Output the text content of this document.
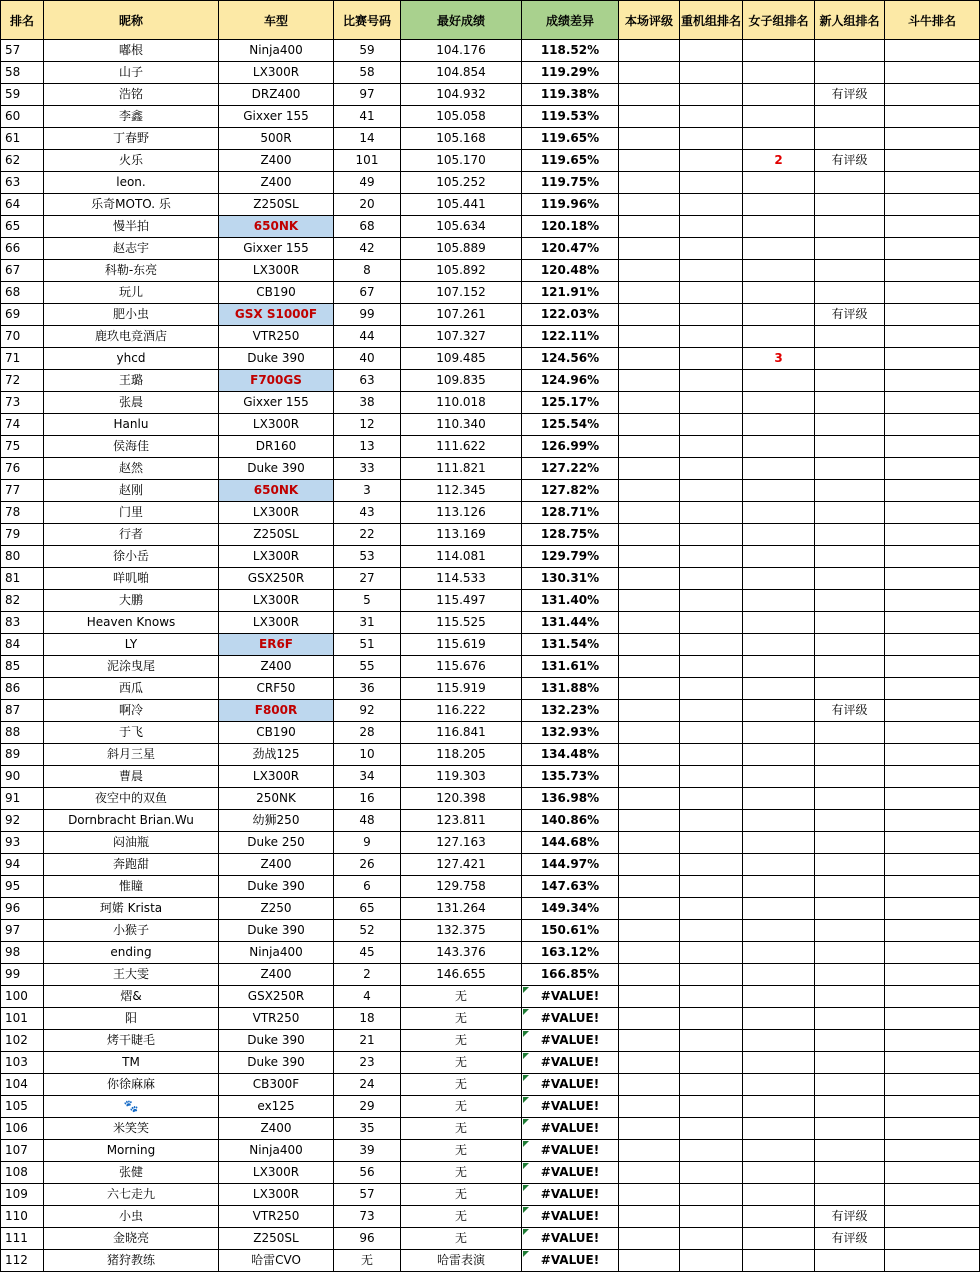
排名	昵称	车型	比赛号码	最好成绩	成绩差异	本场评级	重机组排名	女子组排名	新人组排名	斗牛排名
57	嘟根	Ninja400	59	104.176	118.52%					
58	山子	LX300R	58	104.854	119.29%					
59	浩铭	DRZ400	97	104.932	119.38%				有评级	
60	李鑫	Gixxer 155	41	105.058	119.53%					
61	丁春野	500R	14	105.168	119.65%					
62	火乐	Z400	101	105.170	119.65%			2	有评级	
63	leon.	Z400	49	105.252	119.75%					
64	乐奇MOTO. 乐	Z250SL	20	105.441	119.96%					
65	慢半拍	650NK	68	105.634	120.18%					
66	赵志宇	Gixxer 155	42	105.889	120.47%					
67	科勒-东亮	LX300R	8	105.892	120.48%					
68	玩儿	CB190	67	107.152	121.91%					
69	肥小虫	GSX S1000F	99	107.261	122.03%				有评级	
70	鹿玖电竞酒店	VTR250	44	107.327	122.11%					
71	yhcd	Duke 390	40	109.485	124.56%			3		
72	王璐	F700GS	63	109.835	124.96%					
73	张晨	Gixxer 155	38	110.018	125.17%					
74	Hanlu	LX300R	12	110.340	125.54%					
75	侯海佳	DR160	13	111.622	126.99%					
76	赵然	Duke 390	33	111.821	127.22%					
77	赵刚	650NK	3	112.345	127.82%					
78	门里	LX300R	43	113.126	128.71%					
79	行者	Z250SL	22	113.169	128.75%					
80	徐小岳	LX300R	53	114.081	129.79%					
81	咩叽啪	GSX250R	27	114.533	130.31%					
82	大鹏	LX300R	5	115.497	131.40%					
83	Heaven Knows	LX300R	31	115.525	131.44%					
84	LY	ER6F	51	115.619	131.54%					
85	泥涂曳尾	Z400	55	115.676	131.61%					
86	西瓜	CRF50	36	115.919	131.88%					
87	啊冷	F800R	92	116.222	132.23%				有评级	
88	于飞	CB190	28	116.841	132.93%					
89	斜月三星	劲战125	10	118.205	134.48%					
90	曹晨	LX300R	34	119.303	135.73%					
91	夜空中的双鱼	250NK	16	120.398	136.98%					
92	Dornbracht Brian.Wu	幼狮250	48	123.811	140.86%					
93	闷油瓶	Duke 250	9	127.163	144.68%					
94	奔跑甜	Z400	26	127.421	144.97%					
95	惟瞳	Duke 390	6	129.758	147.63%					
96	珂婼 Krista	Z250	65	131.264	149.34%					
97	小猴子	Duke 390	52	132.375	150.61%					
98	ending	Ninja400	45	143.376	163.12%					
99	王大雯	Z400	2	146.655	166.85%					
100	熠&	GSX250R	4	无	#VALUE!					
101	阳	VTR250	18	无	#VALUE!					
102	烤干睫毛	Duke 390	21	无	#VALUE!					
103	TM	Duke 390	23	无	#VALUE!					
104	你徐麻麻	CB300F	24	无	#VALUE!					
105	🐾	ex125	29	无	#VALUE!					
106	米笑笑	Z400	35	无	#VALUE!					
107	Morning	Ninja400	39	无	#VALUE!					
108	张健	LX300R	56	无	#VALUE!					
109	六七走九	LX300R	57	无	#VALUE!					
110	小虫	VTR250	73	无	#VALUE!				有评级	
111	金晓亮	Z250SL	96	无	#VALUE!				有评级	
112	猪狩教练	哈雷CVO	无	哈雷表演	#VALUE!					
